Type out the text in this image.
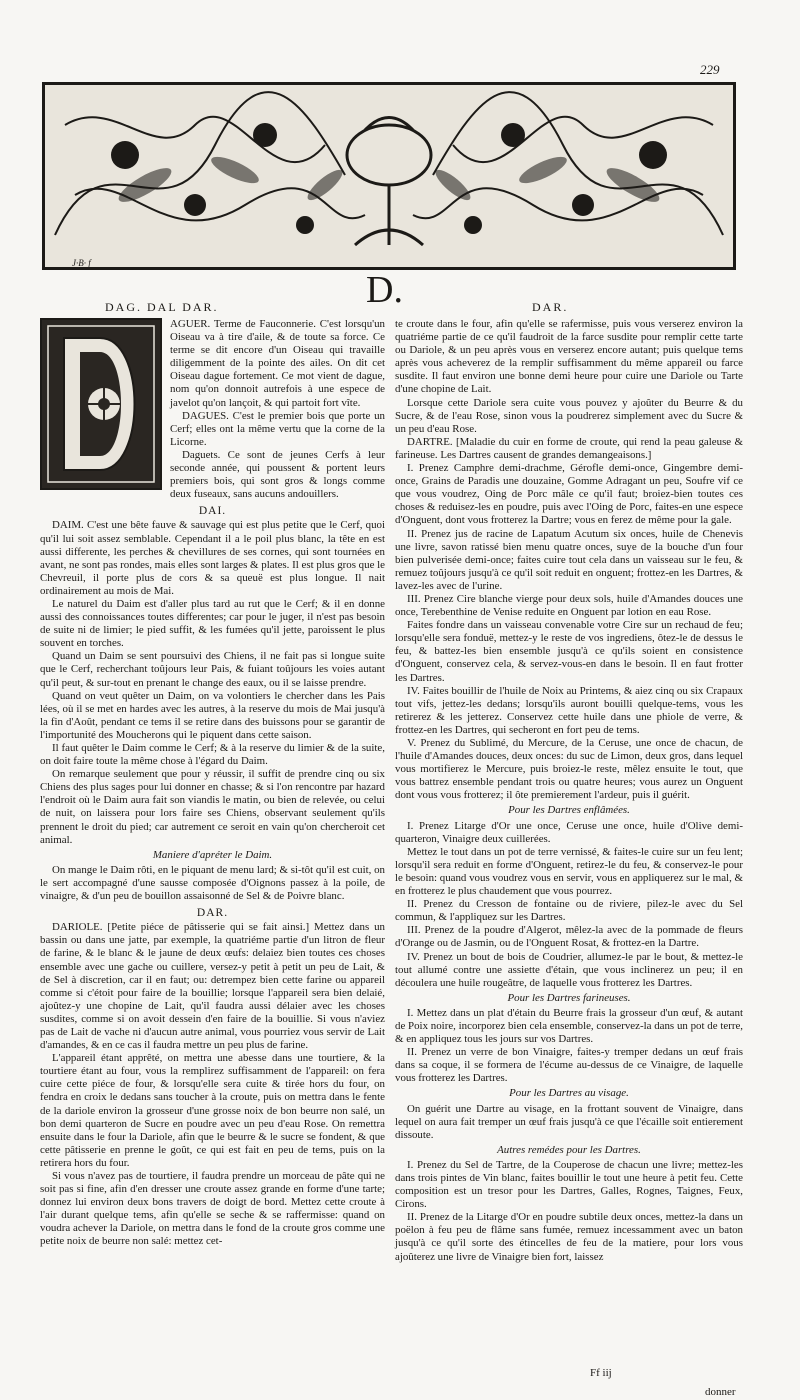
229
J·B· f
D.
DAG. DAL DAR.	DAR.

AGUER. Terme de Fauconnerie. C'est lorsqu'un Oiseau va à tire d'aile, & de toute sa force. Ce terme se dit encore d'un Oiseau qui travaille diligemment de la pointe des ailes. On dit cet Oiseau dague fortement. Ce mot vient de dague, nom qu'on donnoit autrefois à une espece de javelot qu'on lançoit, & qui partoit fort vîte.

DAGUES. C'est le premier bois que porte un Cerf; elles ont la même vertu que la corne de la Licorne.

Daguets. Ce sont de jeunes Cerfs à leur seconde année, qui poussent & portent leurs premiers bois, qui sont gros & longs comme deux fuseaux, sans aucuns andouillers.

DAI.

DAIM. C'est une bête fauve & sauvage qui est plus petite que le Cerf, quoi qu'il lui soit assez semblable. Cependant il a le poil plus blanc, la tête en est aussi differente, les perches & chevillures de ses cornes, qui sont tournées en avant, ne sont pas rondes, mais elles sont larges & plates. Il est plus gros que le Chevreuil, il porte plus de cors & sa queuë est plus longue. Il nait ordinairement au mois de Mai.

Le naturel du Daim est d'aller plus tard au rut que le Cerf; & il en donne aussi des connoissances toutes differentes; car pour le juger, il n'est pas besoin de suite ni de limier; le pied suffit, & les fumées qu'il jette, paroissent le plus souvent en torches.

Quand un Daim se sent poursuivi des Chiens, il ne fait pas si longue suite que le Cerf, recherchant toûjours leur Pais, & fuiant toûjours les voies autant qu'il peut, & sur-tout en prenant le change des eaux, ou il se laisse prendre.

Quand on veut quêter un Daim, on va volontiers le chercher dans les Pais lées, où il se met en hardes avec les autres, à la reserve du mois de Mai jusqu'à la fin d'Août, pendant ce tems il se retire dans des buissons pour se garantir de l'importunité des Moucherons qui le piquent dans cette saison.

Il faut quêter le Daim comme le Cerf; & à la reserve du limier & de la suite, on doit faire toute la même chose à l'égard du Daim.

On remarque seulement que pour y réussir, il suffit de prendre cinq ou six Chiens des plus sages pour lui donner en chasse; & si l'on rencontre par hazard l'endroit où le Daim aura fait son viandis le matin, ou bien de relevée, ou celui de nuit, on laissera pour lors faire ses Chiens, observant seulement qu'ils prennent le droit du pied; car autrement ce seroit en vain qu'on chercheroit cet animal.

Maniere d'apréter le Daim.

On mange le Daim rôti, en le piquant de menu lard; & si-tôt qu'il est cuit, on le sert accompagné d'une sausse composée d'Oignons passez à la poile, de vinaigre, & d'un peu de bouillon assaisonné de Sel & de Poivre blanc.

DAR.

DARIOLE. [Petite piéce de pâtisserie qui se fait ainsi.] Mettez dans un bassin ou dans une jatte, par exemple, la quatriéme partie d'un litron de fleur de farine, & le blanc & le jaune de deux œufs: delaiez bien toutes ces choses ensemble avec une gache ou cuillere, versez-y petit à petit un peu de Lait, & de Sel à discretion, car il en faut; ou: detrempez bien cette farine ou appareil comme si c'étoit pour faire de la bouillie; lorsque l'appareil sera bien delaié, ajoûtez-y une chopine de Lait, qu'il faudra aussi délaier avec les choses susdites, comme si on avoit dessein d'en faire de la bouillie. Si vous n'aviez pas de Lait de vache ni d'aucun autre animal, vous pourriez vous servir de Lait d'amandes, & en ce cas il faudra mettre un peu plus de farine.

L'appareil étant apprêté, on mettra une abesse dans une tourtiere, & la tourtiere étant au four, vous la remplirez suffisamment de l'appareil: on fera cuire cette piéce de four, & lorsqu'elle sera cuite & tirée hors du four, on fendra en croix le dedans sans toucher à la croute, puis on mettra dans le fente de la dariole environ la grosseur d'une grosse noix de bon beurre non salé, un bon demi quarteron de Sucre en poudre avec un peu d'eau Rose. On remettra ensuite dans le four la Dariole, afin que le beurre & le sucre se fondent, & que cette pâtisserie en prenne le goût, ce qui est fait en peu de tems, puis on la retirera hors du four.

Si vous n'avez pas de tourtiere, il faudra prendre un morceau de pâte qui ne soit pas si fine, afin d'en dresser une croute assez grande en forme d'une tarte; donnez lui environ deux bons travers de doigt de bord. Mettez cette croute à l'air durant quelque tems, afin qu'elle se seche & se raffermisse: quand on voudra achever la Dariole, on mettra dans le fond de la croute gros comme une petite noix de beurre non salé: mettez cet-

te croute dans le four, afin qu'elle se rafermisse, puis vous verserez environ la quatriéme partie de ce qu'il faudroit de la farce susdite pour remplir cette tarte ou Dariole, & un peu après vous en verserez encore autant; puis quelque tems après vous acheverez de la remplir suffisamment du même appareil ou farce susdite. Il faut environ une bonne demi heure pour cuire une Dariole ou Tarte d'une chopine de Lait.

Lorsque cette Dariole sera cuite vous pouvez y ajoûter du Beurre & du Sucre, & de l'eau Rose, sinon vous la poudrerez simplement avec du Sucre & un peu d'eau Rose.

DARTRE. [Maladie du cuir en forme de croute, qui rend la peau galeuse & farineuse. Les Dartres causent de grandes demangeaisons.]

I. Prenez Camphre demi-drachme, Gérofle demi-once, Gingembre demi-once, Grains de Paradis une douzaine, Gomme Adragant un peu, Soufre vif ce que vous voudrez, Oing de Porc mâle ce qu'il faut; broiez-bien toutes ces choses & reduisez-les en poudre, puis avec l'Oing de Porc, faites-en une espece d'Onguent, dont vous frotterez la Dartre; vous en ferez de même pour la gale.

II. Prenez jus de racine de Lapatum Acutum six onces, huile de Chenevis une livre, savon ratissé bien menu quatre onces, suye de la bouche d'un four bien pulverisée demi-once; faites cuire tout cela dans un vaisseau sur le feu, & remuez toûjours jusqu'à ce qu'il soit reduit en onguent; frottez-en les Dartres, & lavez-les avec de l'urine.

III. Prenez Cire blanche vierge pour deux sols, huile d'Amandes douces une once, Terebenthine de Venise reduite en Onguent par lotion en eau Rose.

Faites fondre dans un vaisseau convenable votre Cire sur un rechaud de feu; lorsqu'elle sera fonduë, mettez-y le reste de vos ingrediens, ôtez-le de dessus le feu, & battez-les bien ensemble jusqu'à ce qu'ils soient en consistence d'Onguent, conservez cela, & servez-vous-en dans le besoin. Il en faut frotter les Dartres.

IV. Faites bouillir de l'huile de Noix au Printems, & aiez cinq ou six Crapaux tout vifs, jettez-les dedans; lorsqu'ils auront bouilli quelque-tems, vous les retirerez & les jetterez. Conservez cette huile dans une phiole de verre, & frottez-en les Dartres, qui secheront en fort peu de tems.

V. Prenez du Sublimé, du Mercure, de la Ceruse, une once de chacun, de l'huile d'Amandes douces, deux onces: du suc de Limon, deux gros, dans lequel vous mortifierez le Mercure, puis broiez-le reste, mêlez ensuite le tout, que vous battrez ensemble pendant trois ou quatre heures; vous aurez un Onguent dont vous vous frotterez; il ôte premierement l'ardeur, puis il guérit.

Pour les Dartres enflâmées.

I. Prenez Litarge d'Or une once, Ceruse une once, huile d'Olive demi-quarteron, Vinaigre deux cuillerées.

Mettez le tout dans un pot de terre vernissé, & faites-le cuire sur un feu lent; lorsqu'il sera reduit en forme d'Onguent, retirez-le du feu, & conservez-le pour le besoin: quand vous voudrez vous en servir, vous en appliquerez sur le mal, & en frotterez le plus chaudement que vous pourrez.

II. Prenez du Cresson de fontaine ou de riviere, pilez-le avec du Sel commun, & l'appliquez sur les Dartres.

III. Prenez de la poudre d'Algerot, mêlez-la avec de la pommade de fleurs d'Orange ou de Jasmin, ou de l'Onguent Rosat, & frottez-en la Dartre.

IV. Prenez un bout de bois de Coudrier, allumez-le par le bout, & mettez-le tout allumé contre une assiette d'étain, que vous inclinerez un peu; il en découlera une huile rougeâtre, de laquelle vous frotterez les Dartres.

Pour les Dartres farineuses.

I. Mettez dans un plat d'étain du Beurre frais la grosseur d'un œuf, & autant de Poix noire, incorporez bien cela ensemble, conservez-la dans un pot de terre, & en appliquez tous les jours sur vos Dartres.

II. Prenez un verre de bon Vinaigre, faites-y tremper dedans un œuf frais dans sa coque, il se formera de l'écume au-dessus de ce Vinaigre, de laquelle vous frotterez les Dartres.

Pour les Dartres au visage.

On guérit une Dartre au visage, en la frottant souvent de Vinaigre, dans lequel on aura fait tremper un œuf frais jusqu'à ce que l'écaille soit entierement dissoute.

Autres remédes pour les Dartres.

I. Prenez du Sel de Tartre, de la Couperose de chacun une livre; mettez-les dans trois pintes de Vin blanc, faites bouillir le tout une heure à petit feu. Cette composition est un tresor pour les Dartres, Galles, Rognes, Taignes, Feux, Cirons.

II. Prenez de la Litarge d'Or en poudre subtile deux onces, mettez-la dans un poëlon à feu peu de flâme sans fumée, remuez incessamment avec un baton jusqu'à ce qu'il sorte des étincelles de feu de la matiere, pour lors vous ajoûterez une livre de Vinaigre bien fort, laissez

Ff iij
donner
